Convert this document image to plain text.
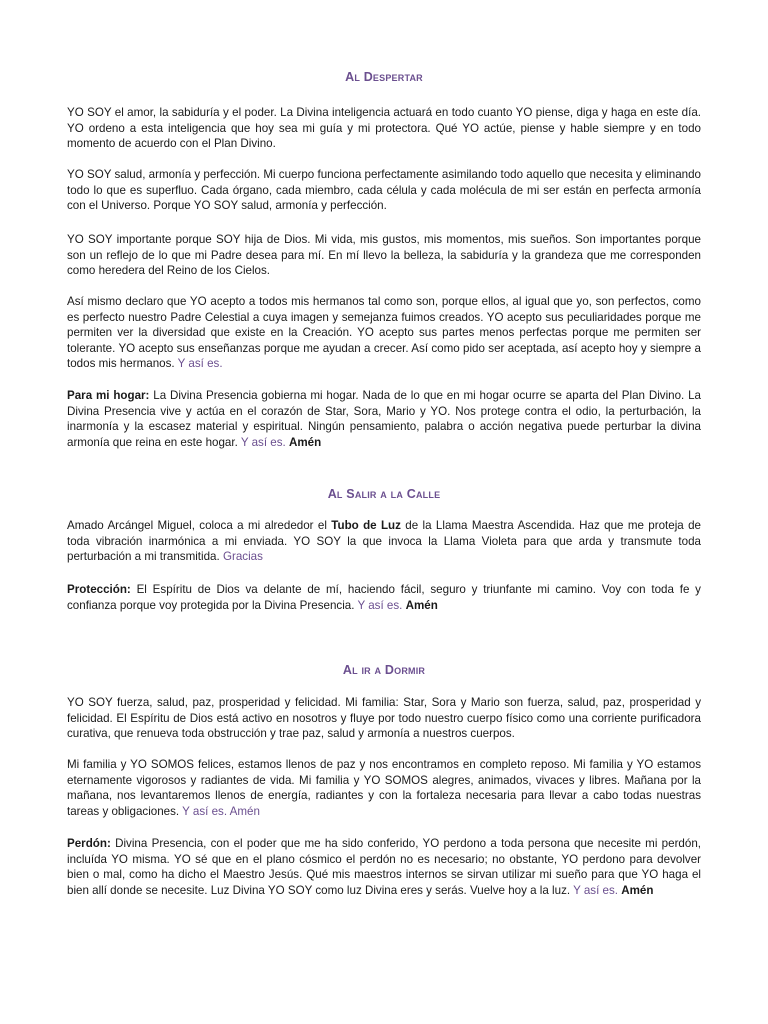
Al Despertar

YO SOY el amor, la sabiduría y el poder. La Divina inteligencia actuará en todo cuanto YO piense, diga y haga en este día. YO ordeno a esta inteligencia que hoy sea mi guía y mi protectora. Qué YO actúe, piense y hable siempre y en todo momento de acuerdo con el Plan Divino.

YO SOY salud, armonía y perfección. Mi cuerpo funciona perfectamente asimilando todo aquello que necesita y eliminando todo lo que es superfluo. Cada órgano, cada miembro, cada célula y cada molécula de mi ser están en perfecta armonía con el Universo. Porque YO SOY salud, armonía y perfección.

YO SOY importante porque SOY hija de Dios. Mi vida, mis gustos, mis momentos, mis sueños. Son importantes porque son un reflejo de lo que mi Padre desea para mí. En mí llevo la belleza, la sabiduría y la grandeza que me corresponden como heredera del Reino de los Cielos.

Así mismo declaro que YO acepto a todos mis hermanos tal como son, porque ellos, al igual que yo, son perfectos, como es perfecto nuestro Padre Celestial a cuya imagen y semejanza fuimos creados. YO acepto sus peculiaridades porque me permiten ver la diversidad que existe en la Creación. YO acepto sus partes menos perfectas porque me permiten ser tolerante. YO acepto sus enseñanzas porque me ayudan a crecer. Así como pido ser aceptada, así acepto hoy y siempre a todos mis hermanos. Y así es.

Para mi hogar: La Divina Presencia gobierna mi hogar. Nada de lo que en mi hogar ocurre se aparta del Plan Divino. La Divina Presencia vive y actúa en el corazón de Star, Sora, Mario y YO. Nos protege contra el odio, la perturbación, la inarmonía y la escasez material y espiritual. Ningún pensamiento, palabra o acción negativa puede perturbar la divina armonía que reina en este hogar. Y así es. Amén

Al Salir a la Calle

Amado Arcángel Miguel, coloca a mi alrededor el Tubo de Luz de la Llama Maestra Ascendida. Haz que me proteja de toda vibración inarmónica a mi enviada. YO SOY la que invoca la Llama Violeta para que arda y transmute toda perturbación a mi transmitida. Gracias

Protección: El Espíritu de Dios va delante de mí, haciendo fácil, seguro y triunfante mi camino. Voy con toda fe y confianza porque voy protegida por la Divina Presencia. Y así es. Amén

Al ir a Dormir

YO SOY fuerza, salud, paz, prosperidad y felicidad. Mi familia: Star, Sora y Mario son fuerza, salud, paz, prosperidad y felicidad. El Espíritu de Dios está activo en nosotros y fluye por todo nuestro cuerpo físico como una corriente purificadora curativa, que renueva toda obstrucción y trae paz, salud y armonía a nuestros cuerpos.

Mi familia y YO SOMOS felices, estamos llenos de paz y nos encontramos en completo reposo. Mi familia y YO estamos eternamente vigorosos y radiantes de vida. Mi familia y YO SOMOS alegres, animados, vivaces y libres. Mañana por la mañana, nos levantaremos llenos de energía, radiantes y con la fortaleza necesaria para llevar a cabo todas nuestras tareas y obligaciones. Y así es. Amén

Perdón: Divina Presencia, con el poder que me ha sido conferido, YO perdono a toda persona que necesite mi perdón, incluída YO misma. YO sé que en el plano cósmico el perdón no es necesario; no obstante, YO perdono para devolver bien o mal, como ha dicho el Maestro Jesús. Qué mis maestros internos se sirvan utilizar mi sueño para que YO haga el bien allí donde se necesite. Luz Divina YO SOY como luz Divina eres y serás. Vuelve hoy a la luz. Y así es. Amén
